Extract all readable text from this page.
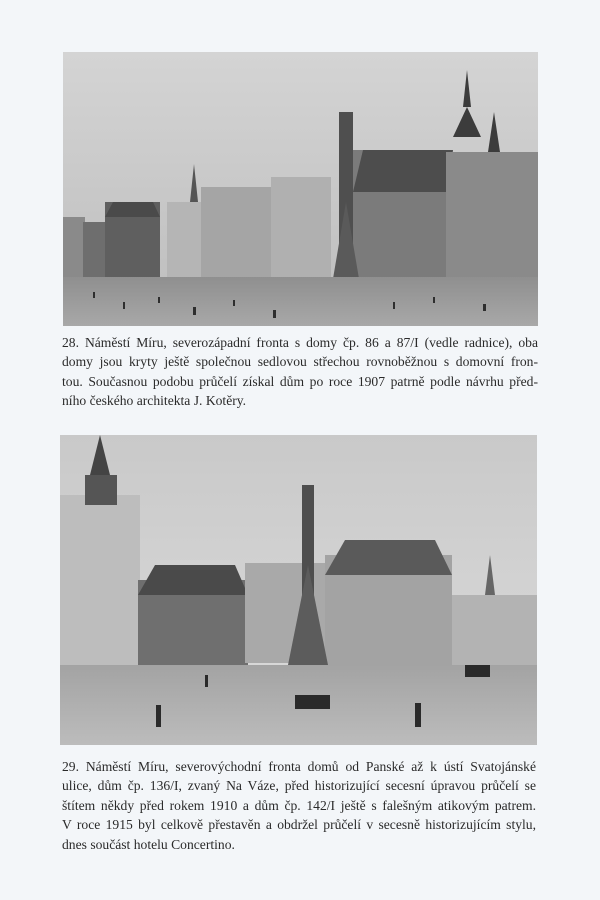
28. Náměstí Míru, severozápadní fronta s domy čp. 86 a 87/I (vedle radnice), oba
domy jsou kryty ještě společnou sedlovou střechou rovnoběžnou s domovní fron-
tou. Současnou podobu průčelí získal dům po roce 1907 patrně podle návrhu před-
ního českého architekta J. Kotěry.
29. Náměstí Míru, severovýchodní fronta domů od Panské až k ústí Svatojánské
ulice, dům čp. 136/I, zvaný Na Váze, před historizující secesní úpravou průčelí se
štítem někdy před rokem 1910 a dům čp. 142/I ještě s falešným atikovým patrem.
V roce 1915 byl celkově přestavěn a obdržel průčelí v secesně historizujícím stylu,
dnes součást hotelu Concertino.
